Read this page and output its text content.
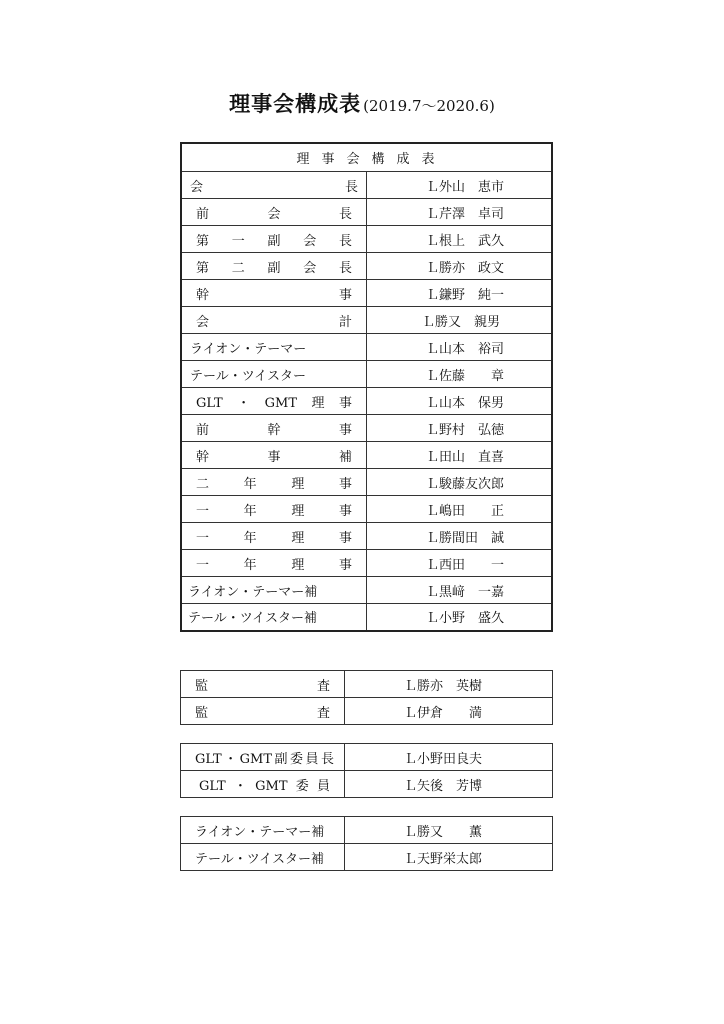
理事会構成表 (2019.7～2020.6)
理事会構成表	

会長	Ｌ外山　恵市

前会長	Ｌ芹澤　卓司

第一副会長	Ｌ根上　武久

第二副会長	Ｌ勝亦　政文

幹事	Ｌ鎌野　純一

会計	Ｌ勝又　親男

ライオン・テーマー	Ｌ山本　裕司

テール・ツイスター	Ｌ佐藤　　章

GLT・GMT理事	Ｌ山本　保男

前幹事	Ｌ野村　弘徳

幹事補	Ｌ田山　直喜

二年理事	Ｌ駿藤友次郎

一年理事	Ｌ嶋田　　正

一年理事	Ｌ勝間田　誠

一年理事	Ｌ西田　　一

ライオン・テーマー補	Ｌ黒﨑　一嘉

テール・ツイスター補	Ｌ小野　盛久
監査	Ｌ勝亦　英樹

監査	Ｌ伊倉　　満
GLT・GMT副委員長	Ｌ小野田良夫

GLT・GMT委員	Ｌ矢後　芳博
ライオン・テーマー補	Ｌ勝又　　薫

テール・ツイスター補	Ｌ天野栄太郎
